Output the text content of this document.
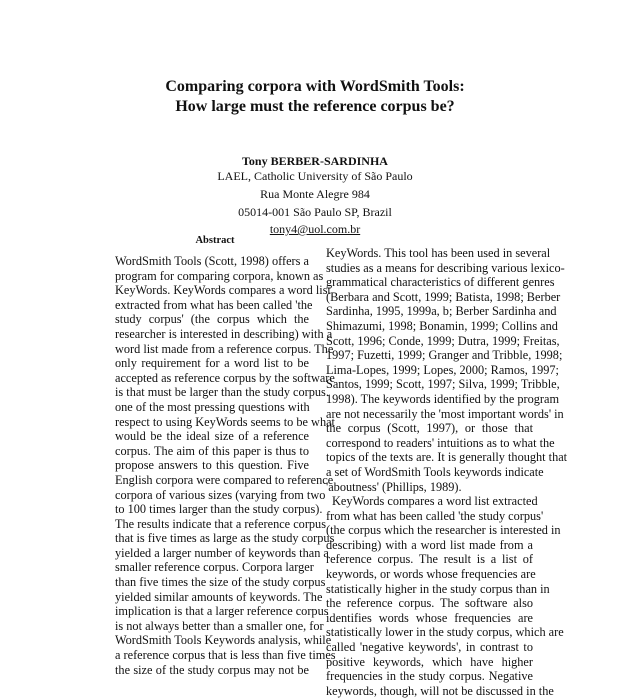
Comparing corpora with WordSmith Tools:
How large must the reference corpus be?
Tony BERBER-SARDINHA
LAEL, Catholic University of São Paulo
Rua Monte Alegre 984
05014-001 São Paulo SP, Brazil
tony4@uol.com.br
Abstract
WordSmith Tools (Scott, 1998) offers a
program for comparing corpora, known as
KeyWords. KeyWords compares a word list
extracted from what has been called 'the
study corpus' (the corpus which the
researcher is interested in describing) with a
word list made from a reference corpus. The
only requirement for a word list to be
accepted as reference corpus by the software
is that must be larger than the study corpus.
one of the most pressing questions with
respect to using KeyWords seems to be what
would be the ideal size of a reference
corpus. The aim of this paper is thus to
propose answers to this question. Five
English corpora were compared to reference
corpora of various sizes (varying from two
to 100 times larger than the study corpus).
The results indicate that a reference corpus
that is five times as large as the study corpus
yielded a larger number of keywords than a
smaller reference corpus. Corpora larger
than five times the size of the study corpus
yielded similar amounts of keywords. The
implication is that a larger reference corpus
is not always better than a smaller one, for
WordSmith Tools Keywords analysis, while
a reference corpus that is less than five times
the size of the study corpus may not be
KeyWords. This tool has been used in several
studies as a means for describing various lexico-
grammatical characteristics of different genres
(Berbara and Scott, 1999; Batista, 1998; Berber
Sardinha, 1995, 1999a, b; Berber Sardinha and
Shimazumi, 1998; Bonamin, 1999; Collins and
Scott, 1996; Conde, 1999; Dutra, 1999; Freitas,
1997; Fuzetti, 1999; Granger and Tribble, 1998;
Lima-Lopes, 1999; Lopes, 2000; Ramos, 1997;
Santos, 1999; Scott, 1997; Silva, 1999; Tribble,
1998). The keywords identified by the program
are not necessarily the 'most important words' in
the corpus (Scott, 1997), or those that
correspond to readers' intuitions as to what the
topics of the texts are. It is generally thought that
a set of WordSmith Tools keywords indicate
'aboutness' (Phillips, 1989).
KeyWords compares a word list extracted
from what has been called 'the study corpus'
(the corpus which the researcher is interested in
describing) with a word list made from a
reference corpus. The result is a list of
keywords, or words whose frequencies are
statistically higher in the study corpus than in
the reference corpus. The software also
identifies words whose frequencies are
statistically lower in the study corpus, which are
called 'negative keywords', in contrast to
positive keywords, which have higher
frequencies in the study corpus. Negative
keywords, though, will not be discussed in the
